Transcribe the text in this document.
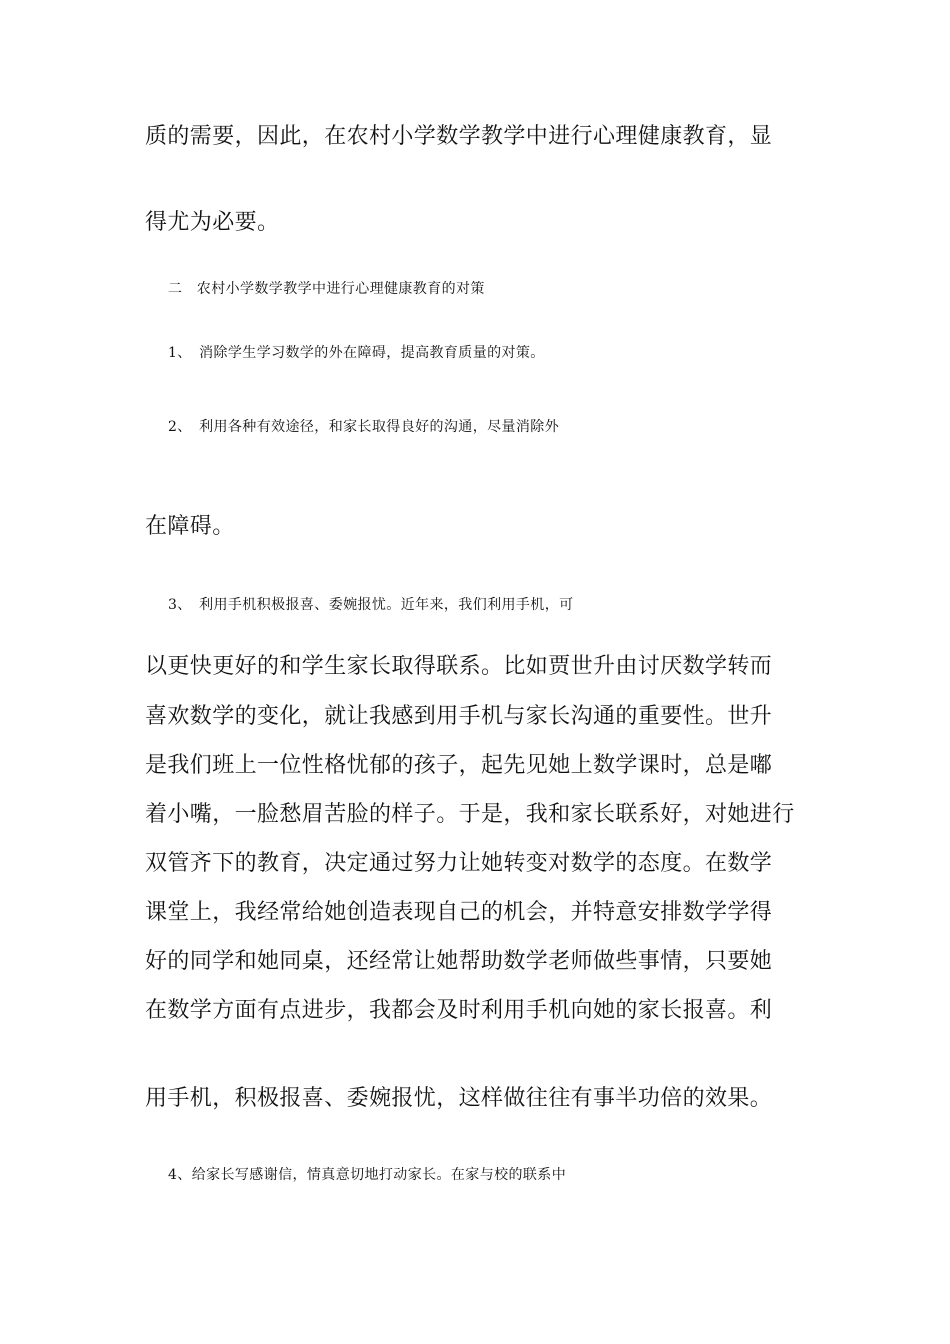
质的需要，因此，在农村小学数学教学中进行心理健康教育，显
得尤为必要。
二　农村小学数学教学中进行心理健康教育的对策
1、　消除学生学习数学的外在障碍，提高教育质量的对策。
2、　利用各种有效途径，和家长取得良好的沟通，尽量消除外
在障碍。
3、　利用手机积极报喜、委婉报忧。近年来，我们利用手机，可
以更快更好的和学生家长取得联系。比如贾世升由讨厌数学转而
喜欢数学的变化，就让我感到用手机与家长沟通的重要性。世升
是我们班上一位性格忧郁的孩子，起先见她上数学课时，总是嘟
着小嘴，一脸愁眉苦脸的样子。于是，我和家长联系好，对她进行
双管齐下的教育，决定通过努力让她转变对数学的态度。在数学
课堂上，我经常给她创造表现自己的机会，并特意安排数学学得
好的同学和她同桌，还经常让她帮助数学老师做些事情，只要她
在数学方面有点进步，我都会及时利用手机向她的家长报喜。利
用手机，积极报喜、委婉报忧，这样做往往有事半功倍的效果。
4、给家长写感谢信，情真意切地打动家长。在家与校的联系中
